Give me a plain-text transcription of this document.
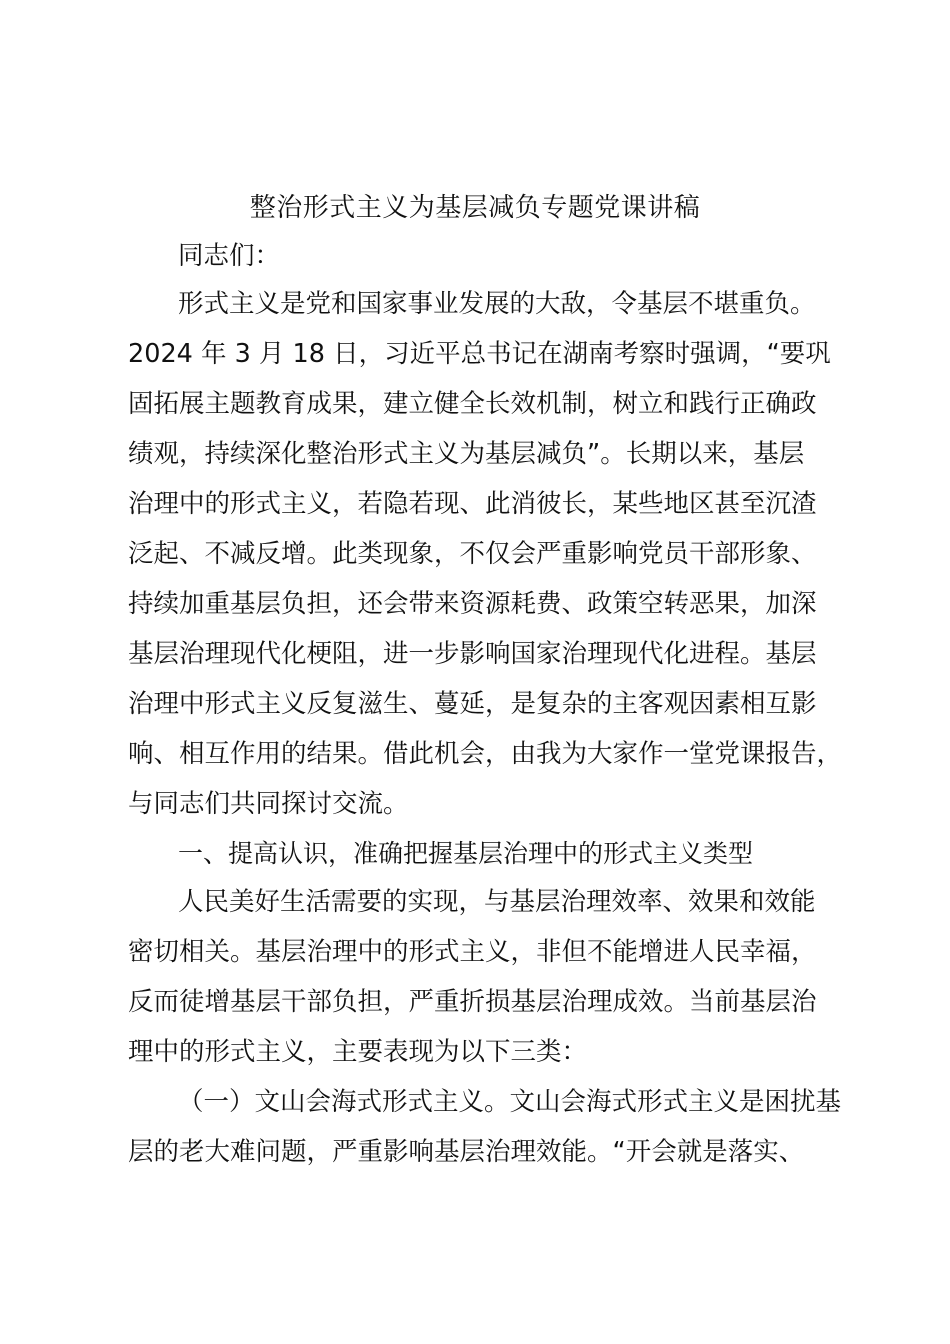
整治形式主义为基层减负专题党课讲稿

同志们：

形式主义是党和国家事业发展的大敌，令基层不堪重负。

2024 年 3 月 18 日，习近平总书记在湖南考察时强调，“要巩

固拓展主题教育成果，建立健全长效机制，树立和践行正确政

绩观，持续深化整治形式主义为基层减负”。长期以来，基层

治理中的形式主义，若隐若现、此消彼长，某些地区甚至沉渣

泛起、不减反增。此类现象，不仅会严重影响党员干部形象、

持续加重基层负担，还会带来资源耗费、政策空转恶果，加深

基层治理现代化梗阻，进一步影响国家治理现代化进程。基层

治理中形式主义反复滋生、蔓延，是复杂的主客观因素相互影

响、相互作用的结果。借此机会，由我为大家作一堂党课报告，

与同志们共同探讨交流。

一、提高认识，准确把握基层治理中的形式主义类型

人民美好生活需要的实现，与基层治理效率、效果和效能

密切相关。基层治理中的形式主义，非但不能增进人民幸福，

反而徒增基层干部负担，严重折损基层治理成效。当前基层治

理中的形式主义，主要表现为以下三类：

（一）文山会海式形式主义。文山会海式形式主义是困扰基

层的老大难问题，严重影响基层治理效能。“开会就是落实、
